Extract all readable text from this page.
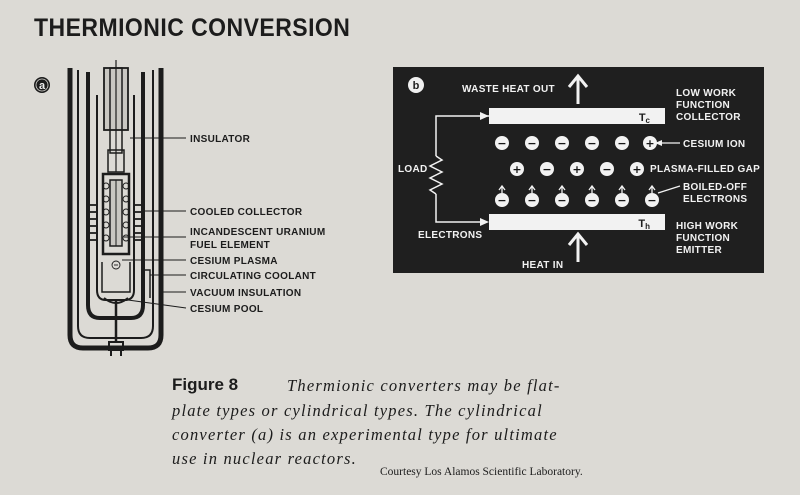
THERMIONIC CONVERSION
a
INSULATOR
COOLED COLLECTOR
INCANDESCENT URANIUM
FUEL ELEMENT
CESIUM PLASMA
CIRCULATING COOLANT
VACUUM INSULATION
CESIUM POOL
b	WASTE HEAT OUT
Tc
LOW WORK
FUNCTION
COLLECTOR
Th	HIGH WORK
FUNCTION
EMITTER
HEAT IN
LOAD
ELECTRONS
− − − − − +
+ − + − +
− − − − − −
CESIUM ION
PLASMA-FILLED GAP
BOILED-OFF
ELECTRONS
Figure 8	Thermionic converters may be flat-
plate types or cylindrical types. The cylindrical
converter (a) is an experimental type for ultimate
use in nuclear reactors.
Courtesy Los Alamos Scientific Laboratory.
